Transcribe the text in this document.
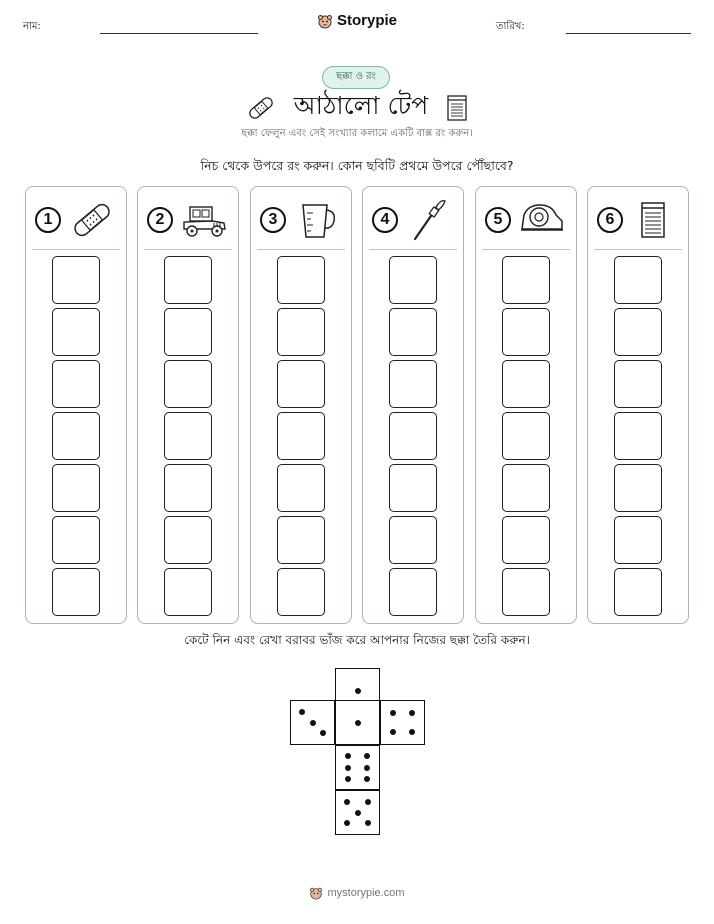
নাম:	Storypie	তারিখ:
ছক্কা ও রং
আঠালো টেপ
ছক্কা ফেলুন এবং সেই সংখ্যার কলামে একটি বাক্স রং করুন।
নিচ থেকে উপরে রং করুন। কোন ছবিটি প্রথমে উপরে পৌঁছাবে?
1	2	3	4	5	6
কেটে নিন এবং রেখা বরাবর ভাঁজ করে আপনার নিজের ছক্কা তৈরি করুন।
mystorypie.com
